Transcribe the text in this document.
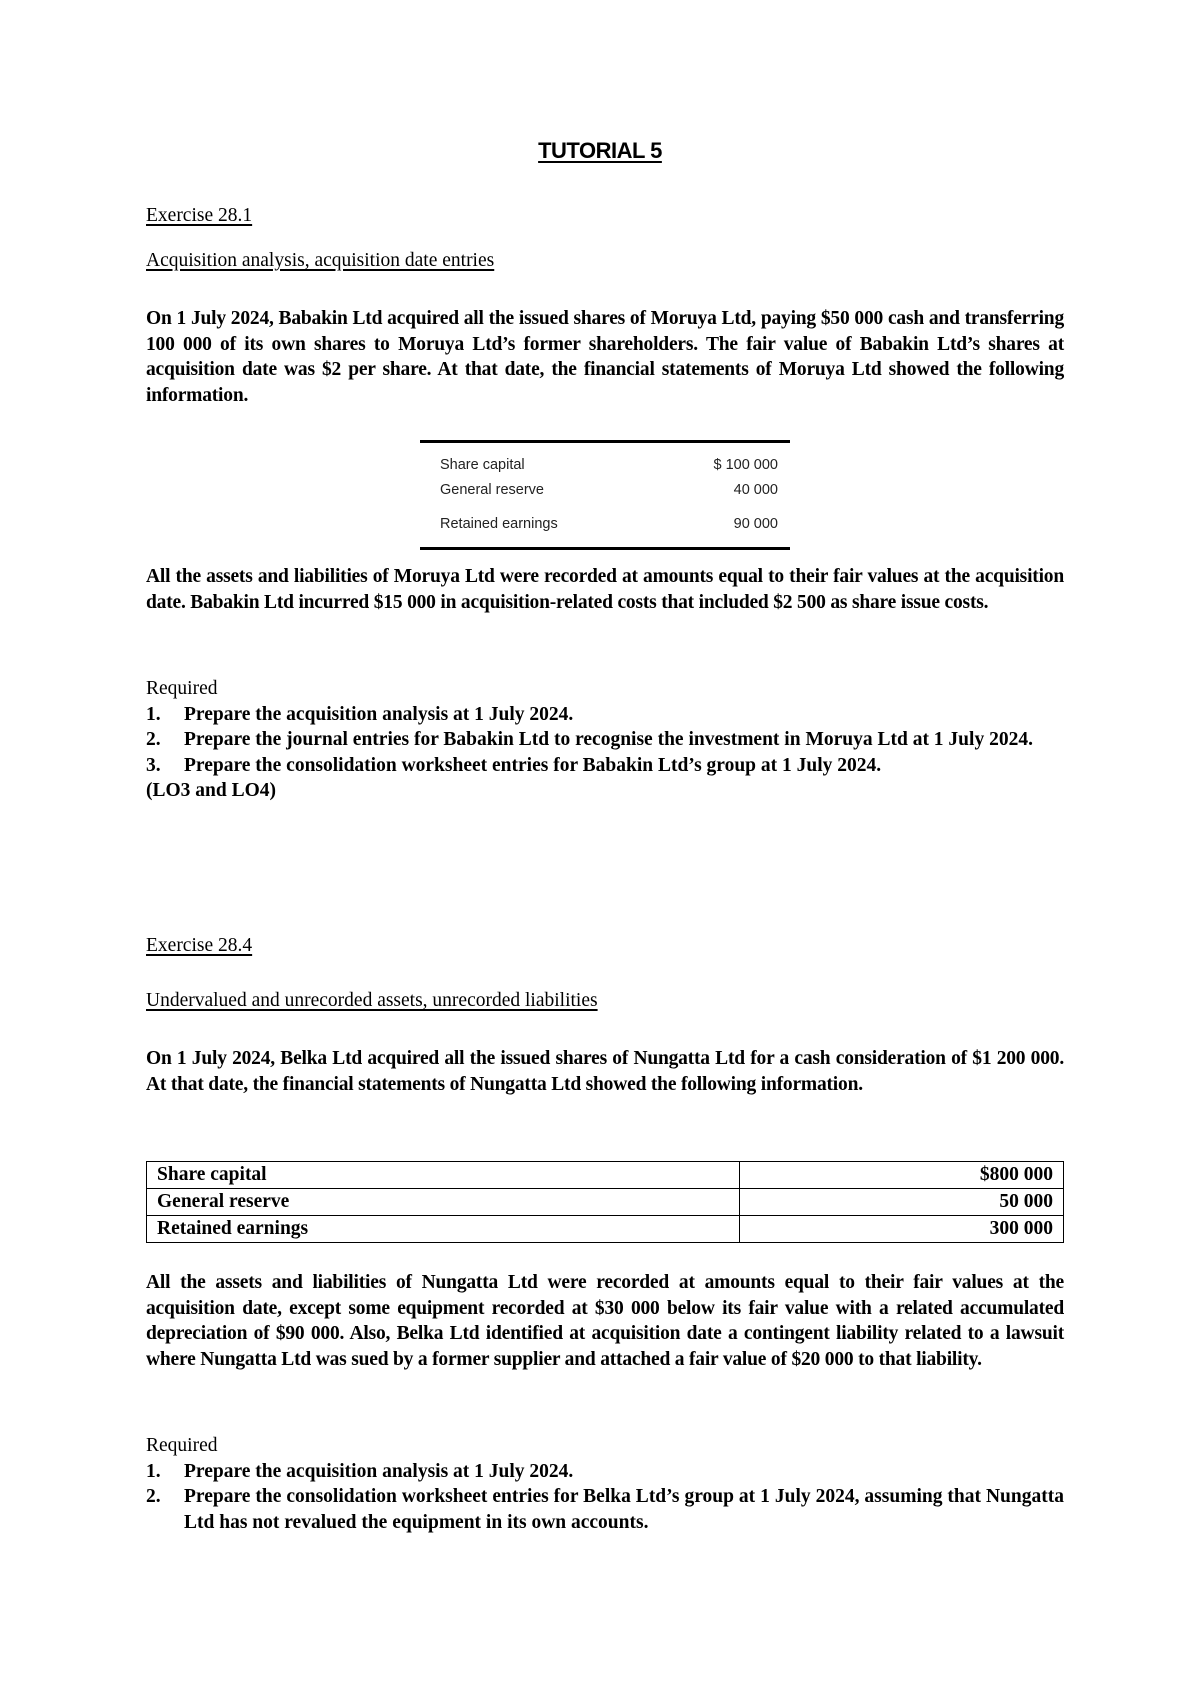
TUTORIAL 5
Exercise 28.1
Acquisition analysis, acquisition date entries
On 1 July 2024, Babakin Ltd acquired all the issued shares of Moruya Ltd, paying $50 000 cash and transferring 100 000 of its own shares to Moruya Ltd’s former shareholders. The fair value of Babakin Ltd’s shares at acquisition date was $2 per share. At that date, the financial statements of Moruya Ltd showed the following information.
Share capital	$ 100 000
General reserve	40 000
Retained earnings	90 000
All the assets and liabilities of Moruya Ltd were recorded at amounts equal to their fair values at the acquisition date. Babakin Ltd incurred $15 000 in acquisition-related costs that included $2 500 as share issue costs.
Required
1.	Prepare the acquisition analysis at 1 July 2024.
2.	Prepare the journal entries for Babakin Ltd to recognise the investment in Moruya Ltd at 1 July 2024.
3.	Prepare the consolidation worksheet entries for Babakin Ltd’s group at 1 July 2024.
(LO3 and LO4)
Exercise 28.4
Undervalued and unrecorded assets, unrecorded liabilities
On 1 July 2024, Belka Ltd acquired all the issued shares of Nungatta Ltd for a cash consideration of $1 200 000. At that date, the financial statements of Nungatta Ltd showed the following information.
Share capital	$800 000
General reserve	50 000
Retained earnings	300 000
All the assets and liabilities of Nungatta Ltd were recorded at amounts equal to their fair values at the acquisition date, except some equipment recorded at $30 000 below its fair value with a related accumulated depreciation of $90 000. Also, Belka Ltd identified at acquisition date a contingent liability related to a lawsuit where Nungatta Ltd was sued by a former supplier and attached a fair value of $20 000 to that liability.
Required
1.	Prepare the acquisition analysis at 1 July 2024.
2.	Prepare the consolidation worksheet entries for Belka Ltd’s group at 1 July 2024, assuming that Nungatta Ltd has not revalued the equipment in its own accounts.
